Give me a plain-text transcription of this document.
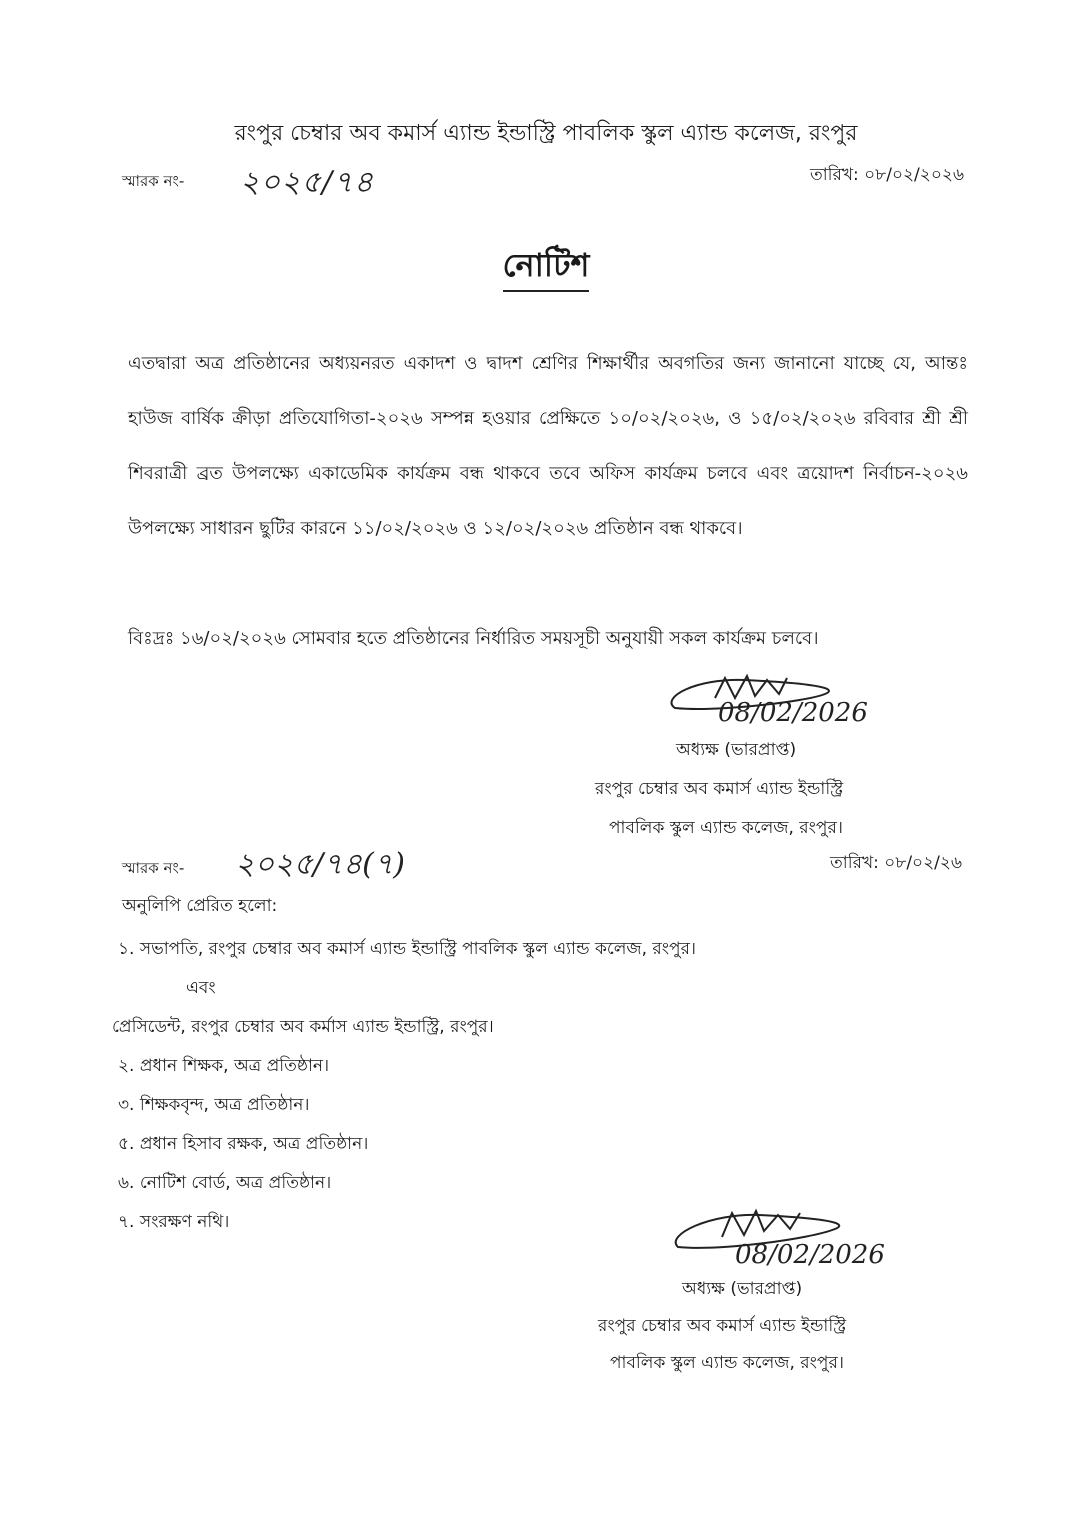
রংপুর চেম্বার অব কমার্স এ্যান্ড ইন্ডাস্ট্রি পাবলিক স্কুল এ্যান্ড কলেজ, রংপুর
স্মারক নং- ২০২৫/৭৪	তারিখ: ০৮/০২/২০২৬
নোটিশ
এতদ্বারা অত্র প্রতিষ্ঠানের অধ্যয়নরত একাদশ ও দ্বাদশ শ্রেণির শিক্ষার্থীর অবগতির জন্য জানানো যাচ্ছে যে, আন্তঃ হাউজ বার্ষিক ক্রীড়া প্রতিযোগিতা-২০২৬ সম্পন্ন হওয়ার প্রেক্ষিতে ১০/০২/২০২৬, ও ১৫/০২/২০২৬ রবিবার শ্রী শ্রী শিবরাত্রী ব্রত উপলক্ষ্যে একাডেমিক কার্যক্রম বন্ধ থাকবে তবে অফিস কার্যক্রম চলবে এবং ত্রয়োদশ নির্বাচন-২০২৬ উপলক্ষ্যে সাধারন ছুটির কারনে ১১/০২/২০২৬ ও ১২/০২/২০২৬ প্রতিষ্ঠান বন্ধ থাকবে।
বিঃদ্রঃ ১৬/০২/২০২৬ সোমবার হতে প্রতিষ্ঠানের নির্ধারিত সময়সূচী অনুযায়ী সকল কার্যক্রম চলবে।
08/02/2026
অধ্যক্ষ (ভারপ্রাপ্ত)
রংপুর চেম্বার অব কমার্স এ্যান্ড ইন্ডাস্ট্রি
পাবলিক স্কুল এ্যান্ড কলেজ, রংপুর।
তারিখ: ০৮/০২/২৬
স্মারক নং- ২০২৫/৭৪(৭)
অনুলিপি প্রেরিত হলো:
১. সভাপতি, রংপুর চেম্বার অব কমার্স এ্যান্ড ইন্ডাস্ট্রি পাবলিক স্কুল এ্যান্ড কলেজ, রংপুর।
এবং
প্রেসিডেন্ট, রংপুর চেম্বার অব কর্মাস এ্যান্ড ইন্ডাস্ট্রি, রংপুর।
২. প্রধান শিক্ষক, অত্র প্রতিষ্ঠান।
৩. শিক্ষকবৃন্দ, অত্র প্রতিষ্ঠান।
৫. প্রধান হিসাব রক্ষক, অত্র প্রতিষ্ঠান।
৬. নোটিশ বোর্ড, অত্র প্রতিষ্ঠান।
৭. সংরক্ষণ নথি।
08/02/2026
অধ্যক্ষ (ভারপ্রাপ্ত)
রংপুর চেম্বার অব কমার্স এ্যান্ড ইন্ডাস্ট্রি
পাবলিক স্কুল এ্যান্ড কলেজ, রংপুর।
